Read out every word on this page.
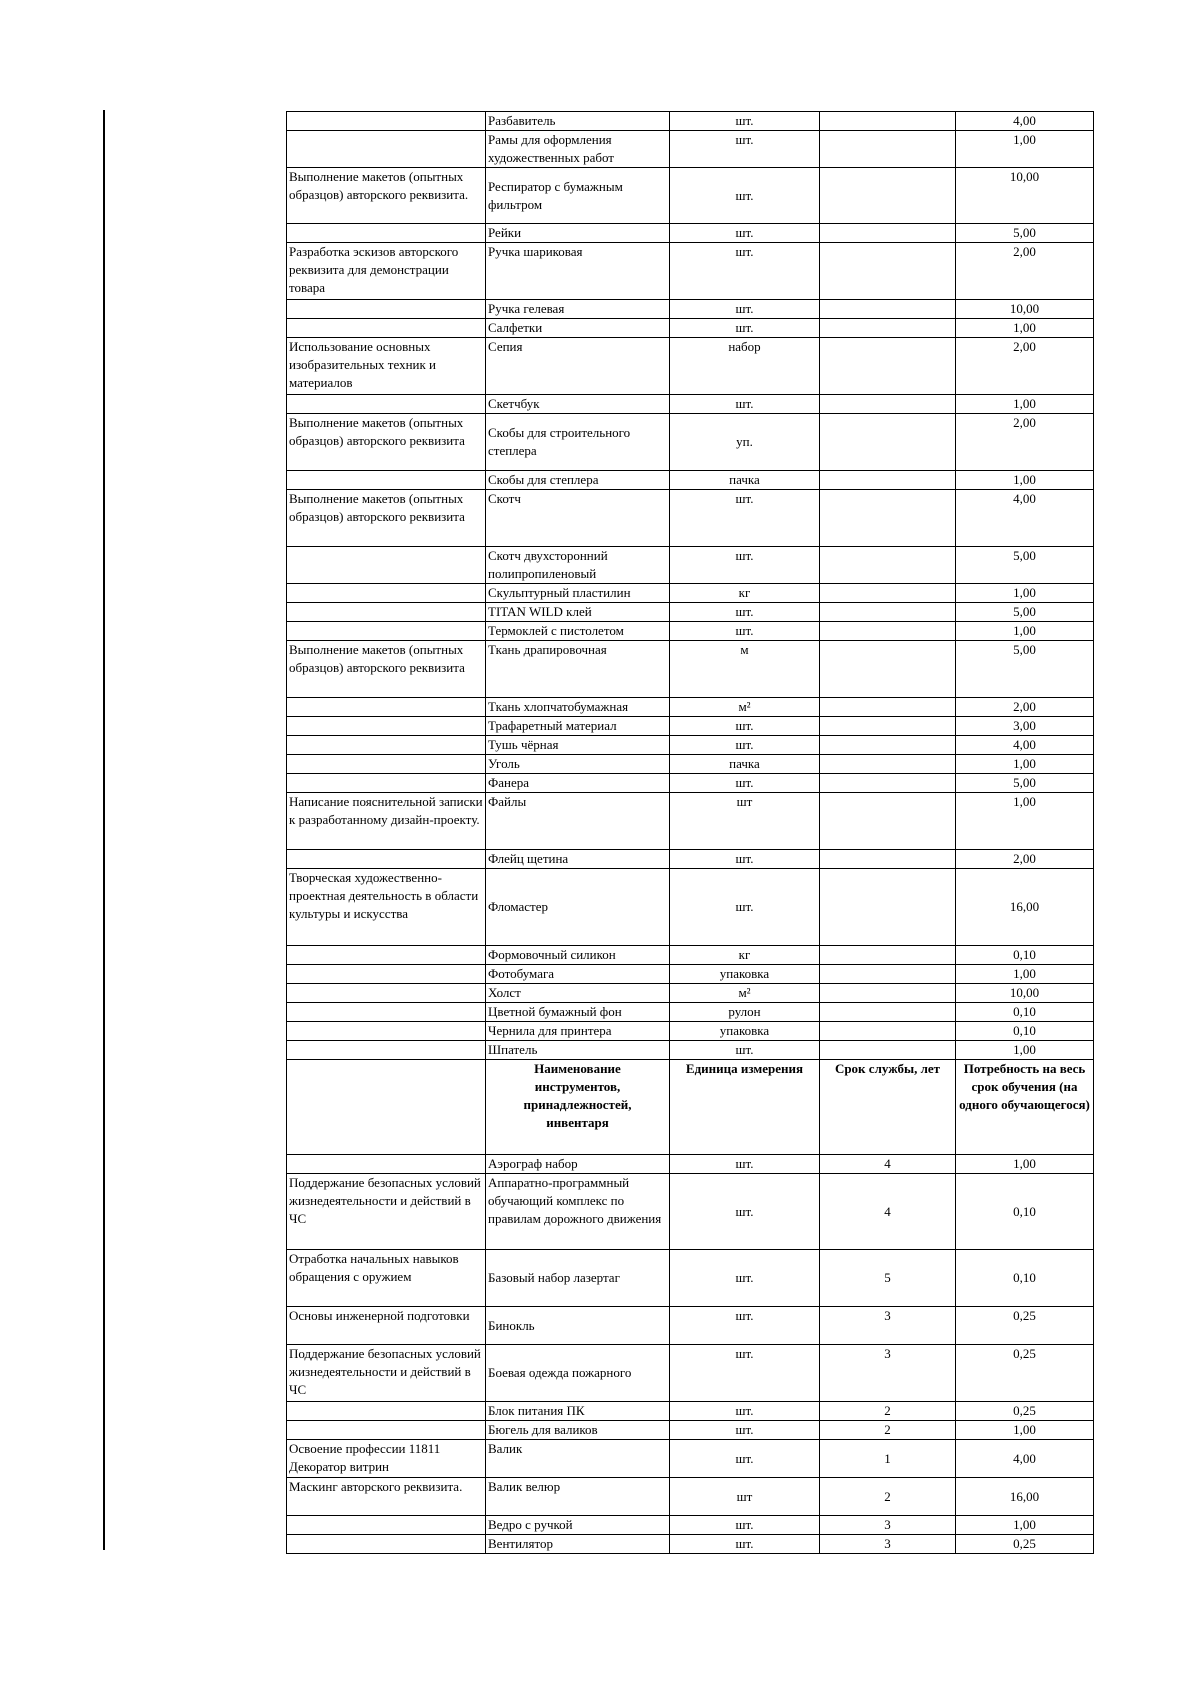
	Разбавитель	шт.		4,00
	Рамы для оформления художественных работ	шт.		1,00
Выполнение макетов (опытных образцов) авторского реквизита.	Респиратор с бумажным фильтром	шт.		10,00
	Рейки	шт.		5,00
Разработка эскизов авторского реквизита для демонстрации товара	Ручка шариковая	шт.		2,00
	Ручка гелевая	шт.		10,00
	Салфетки	шт.		1,00
Использование основных изобразительных техник и материалов	Сепия	набор		2,00
	Скетчбук	шт.		1,00
Выполнение макетов (опытных образцов) авторского реквизита	Скобы для строительного степлера	уп.		2,00
	Скобы для степлера	пачка		1,00
Выполнение макетов (опытных образцов) авторского реквизита	Скотч	шт.		4,00
	Скотч двухсторонний полипропиленовый	шт.		5,00
	Скульптурный пластилин	кг		1,00
	TITAN WILD клей	шт.		5,00
	Термоклей с пистолетом	шт.		1,00
Выполнение макетов (опытных образцов) авторского реквизита	Ткань драпировочная	м		5,00
	Ткань хлопчатобумажная	м²		2,00
	Трафаретный материал	шт.		3,00
	Тушь чёрная	шт.		4,00
	Уголь	пачка		1,00
	Фанера	шт.		5,00
Написание пояснительной записки к разработанному дизайн-проекту.	Файлы	шт		1,00
	Флейц щетина	шт.		2,00
Творческая художественно-проектная деятельность в области культуры и искусства	Фломастер	шт.		16,00
	Формовочный силикон	кг		0,10
	Фотобумага	упаковка		1,00
	Холст	м²		10,00
	Цветной бумажный фон	рулон		0,10
	Чернила для принтера	упаковка		0,10
	Шпатель	шт.		1,00
	Наименование инструментов, принадлежностей, инвентаря	Единица измерения	Срок службы, лет	Потребность на весь срок обучения (на одного обучающегося)
	Аэрограф набор	шт.	4	1,00
Поддержание безопасных условий жизнедеятельности и действий в ЧС	Аппаратно-программный обучающий комплекс по правилам дорожного движения	шт.	4	0,10
Отработка начальных навыков обращения с оружием	Базовый набор лазертаг	шт.	5	0,10
Основы инженерной подготовки	Бинокль	шт.	3	0,25
Поддержание безопасных условий жизнедеятельности и действий в ЧС	Боевая одежда пожарного	шт.	3	0,25
	Блок питания ПК	шт.	2	0,25
	Бюгель для валиков	шт.	2	1,00
Освоение профессии 11811 Декоратор витрин	Валик	шт.	1	4,00
Маскинг авторского реквизита.	Валик велюр	шт	2	16,00
	Ведро с ручкой	шт.	3	1,00
	Вентилятор	шт.	3	0,25
